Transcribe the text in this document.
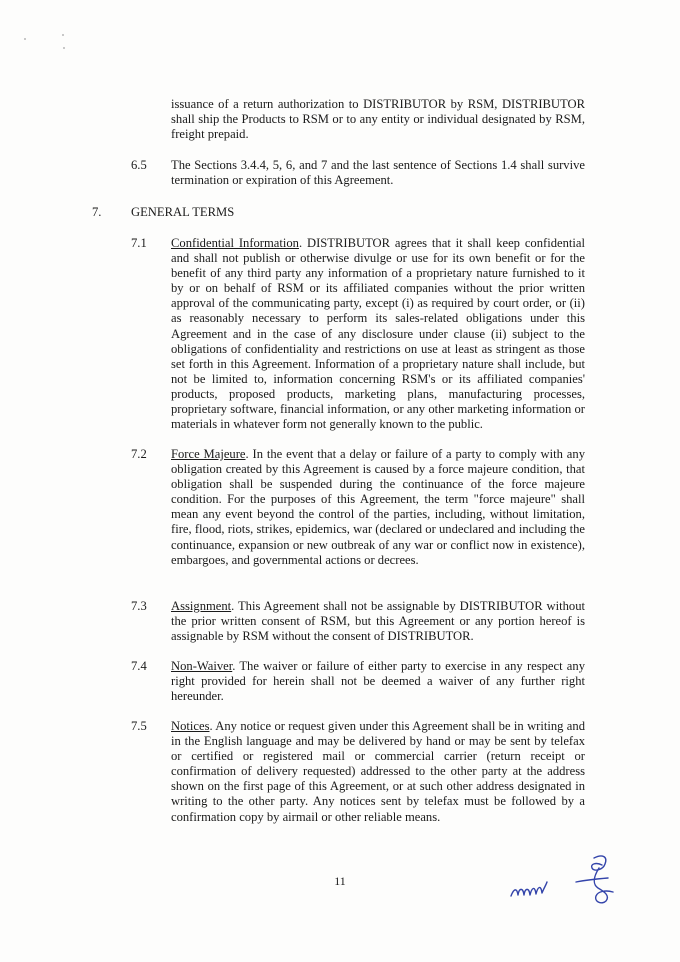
issuance of a return authorization to DISTRIBUTOR by RSM, DISTRIBUTOR shall ship the Products to RSM or to any entity or individual designated by RSM, freight prepaid.
6.5 The Sections 3.4.4, 5, 6, and 7 and the last sentence of Sections 1.4 shall survive termination or expiration of this Agreement.
7. GENERAL TERMS
7.1 Confidential Information. DISTRIBUTOR agrees that it shall keep confidential and shall not publish or otherwise divulge or use for its own benefit or for the benefit of any third party any information of a proprietary nature furnished to it by or on behalf of RSM or its affiliated companies without the prior written approval of the communicating party, except (i) as required by court order, or (ii) as reasonably necessary to perform its sales-related obligations under this Agreement and in the case of any disclosure under clause (ii) subject to the obligations of confidentiality and restrictions on use at least as stringent as those set forth in this Agreement. Information of a proprietary nature shall include, but not be limited to, information concerning RSM's or its affiliated companies' products, proposed products, marketing plans, manufacturing processes, proprietary software, financial information, or any other marketing information or materials in whatever form not generally known to the public.
7.2 Force Majeure. In the event that a delay or failure of a party to comply with any obligation created by this Agreement is caused by a force majeure condition, that obligation shall be suspended during the continuance of the force majeure condition. For the purposes of this Agreement, the term "force majeure" shall mean any event beyond the control of the parties, including, without limitation, fire, flood, riots, strikes, epidemics, war (declared or undeclared and including the continuance, expansion or new outbreak of any war or conflict now in existence), embargoes, and governmental actions or decrees.
7.3 Assignment. This Agreement shall not be assignable by DISTRIBUTOR without the prior written consent of RSM, but this Agreement or any portion hereof is assignable by RSM without the consent of DISTRIBUTOR.
7.4 Non-Waiver. The waiver or failure of either party to exercise in any respect any right provided for herein shall not be deemed a waiver of any further right hereunder.
7.5 Notices. Any notice or request given under this Agreement shall be in writing and in the English language and may be delivered by hand or may be sent by telefax or certified or registered mail or commercial carrier (return receipt or confirmation of delivery requested) addressed to the other party at the address shown on the first page of this Agreement, or at such other address designated in writing to the other party. Any notices sent by telefax must be followed by a confirmation copy by airmail or other reliable means.
11
